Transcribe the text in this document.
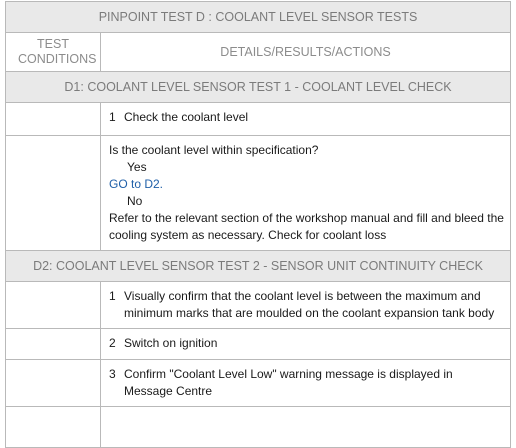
PINPOINT TEST D : COOLANT LEVEL SENSOR TESTS	
TEST CONDITIONS	DETAILS/RESULTS/ACTIONS
D1: COOLANT LEVEL SENSOR TEST 1 - COOLANT LEVEL CHECK	

	1 Check the coolant level

	Is the coolant level within specification?
Yes
GO to D2.
No
Refer to the relevant section of the workshop manual and fill and bleed the cooling system as necessary. Check for coolant loss

D2: COOLANT LEVEL SENSOR TEST 2 - SENSOR UNIT CONTINUITY CHECK	

	1 Visually confirm that the coolant level is between the maximum and minimum marks that are moulded on the coolant expansion tank body

	2 Switch on ignition

	3 Confirm "Coolant Level Low" warning message is displayed in Message Centre
